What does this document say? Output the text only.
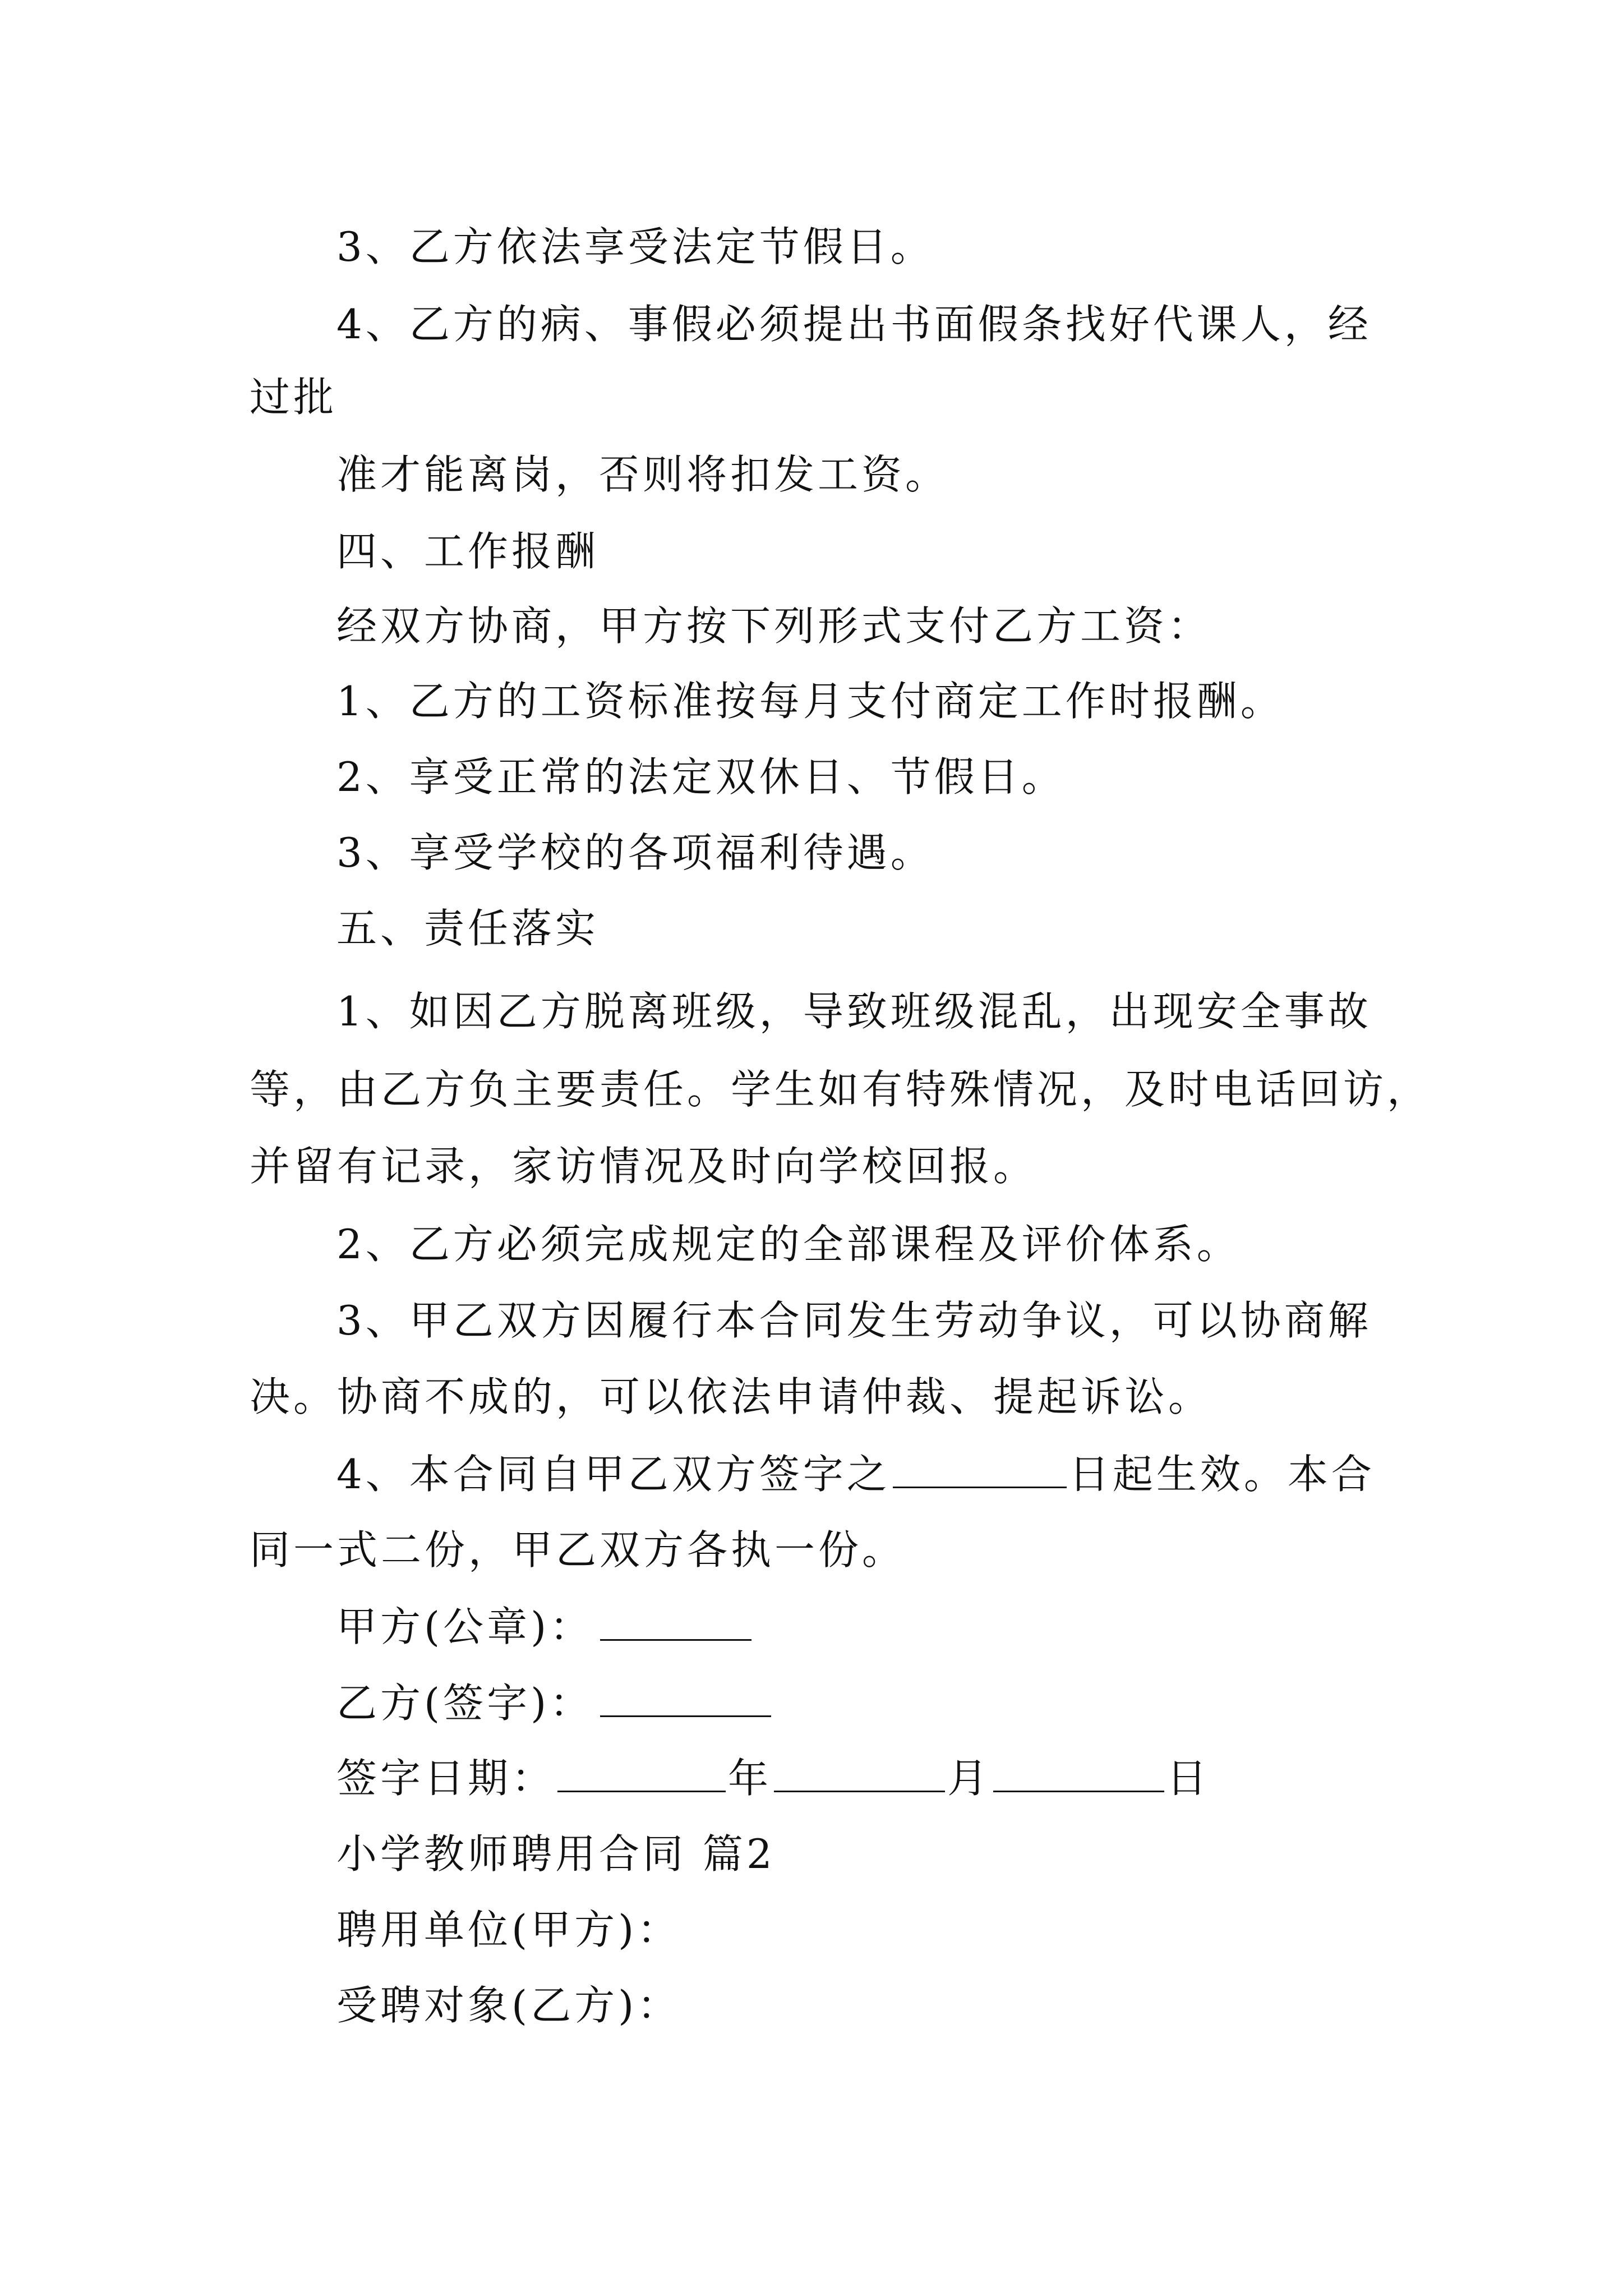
3、乙方依法享受法定节假日。
4、乙方的病、事假必须提出书面假条找好代课人，经
过批
准才能离岗，否则将扣发工资。
四、工作报酬
经双方协商，甲方按下列形式支付乙方工资：
1、乙方的工资标准按每月支付商定工作时报酬。
2、享受正常的法定双休日、节假日。
3、享受学校的各项福利待遇。
五、责任落实
1、如因乙方脱离班级，导致班级混乱，出现安全事故
等，由乙方负主要责任。学生如有特殊情况，及时电话回访，
并留有记录，家访情况及时向学校回报。
2、乙方必须完成规定的全部课程及评价体系。
3、甲乙双方因履行本合同发生劳动争议，可以协商解
决。协商不成的，可以依法申请仲裁、提起诉讼。
4、本合同自甲乙双方签字之	日起生效。本合
同一式二份，甲乙双方各执一份。
甲方(公章)：
乙方(签字)：
签字日期：	年	月	日
小学教师聘用合同 篇2
聘用单位(甲方)：
受聘对象(乙方)：
